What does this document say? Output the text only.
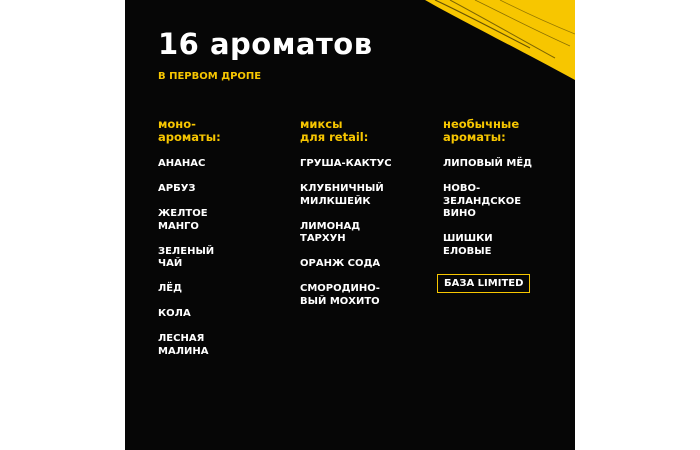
16 ароматов
В ПЕРВОМ ДРОПЕ
моно-
ароматы:
АНАНАС
АРБУЗ
ЖЕЛТОЕ
МАНГО
ЗЕЛЕНЫЙ
ЧАЙ
ЛЁД
КОЛА
ЛЕСНАЯ
МАЛИНА
миксы
для retail:
ГРУША-КАКТУС
КЛУБНИЧНЫЙ
МИЛКШЕЙК
ЛИМОНАД
ТАРХУН
ОРАНЖ СОДА
СМОРОДИНО-
ВЫЙ МОХИТО
необычные
ароматы:
ЛИПОВЫЙ МЁД
НОВО-
ЗЕЛАНДСКОЕ
ВИНО
ШИШКИ
ЕЛОВЫЕ
БАЗА LIMITED
